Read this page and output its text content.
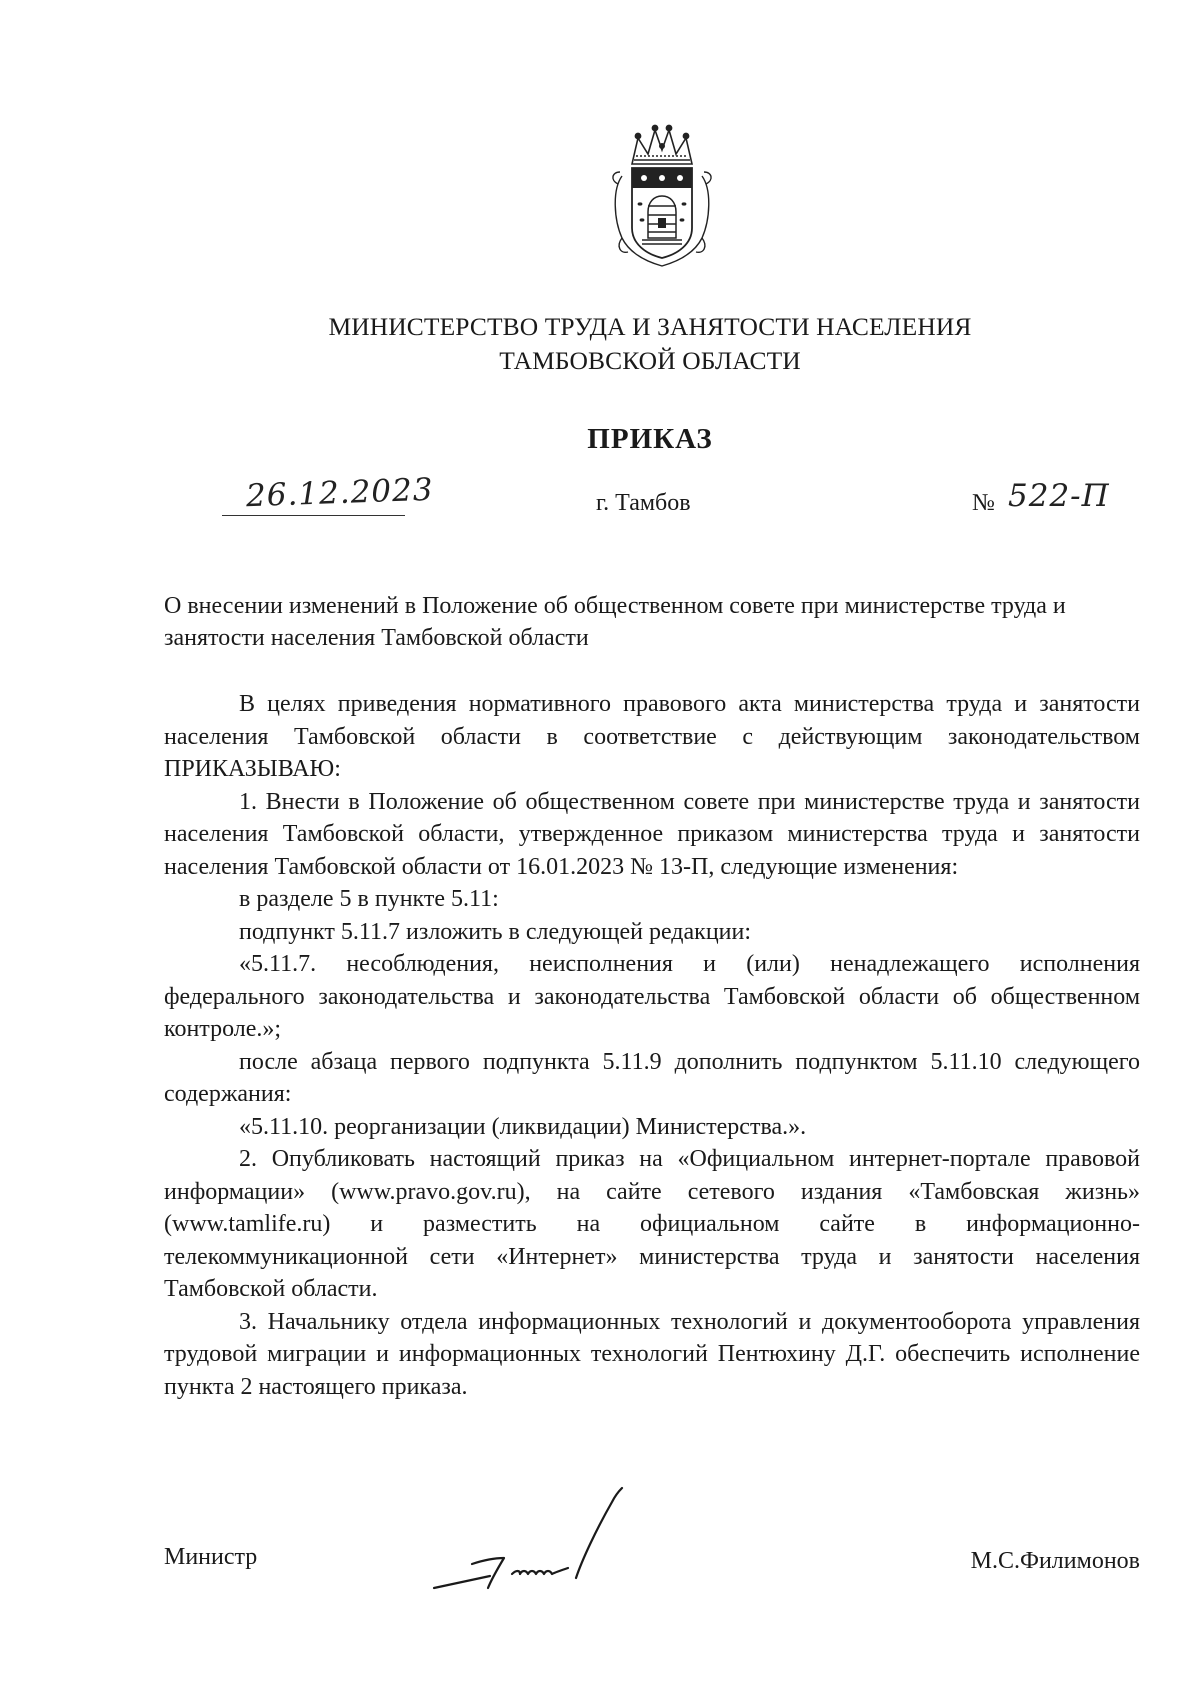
МИНИСТЕРСТВО ТРУДА И ЗАНЯТОСТИ НАСЕЛЕНИЯ
ТАМБОВСКОЙ ОБЛАСТИ
ПРИКАЗ
26.12.2023	г. Тамбов	№ 522-П
О внесении изменений в Положение об общественном совете при министерстве труда и занятости населения Тамбовской области

В целях приведения нормативного правового акта министерства труда и занятости населения Тамбовской области в соответствие с действующим законодательством ПРИКАЗЫВАЮ:

1. Внести в Положение об общественном совете при министерстве труда и занятости населения Тамбовской области, утвержденное приказом министерства труда и занятости населения Тамбовской области от 16.01.2023 № 13-П, следующие изменения:

в разделе 5 в пункте 5.11:

подпункт 5.11.7 изложить в следующей редакции:

«5.11.7. несоблюдения, неисполнения и (или) ненадлежащего исполнения федерального законодательства и законодательства Тамбовской области об общественном контроле.»;

после абзаца первого подпункта 5.11.9 дополнить подпунктом 5.11.10 следующего содержания:

«5.11.10. реорганизации (ликвидации) Министерства.».

2. Опубликовать настоящий приказ на «Официальном интернет-портале правовой информации» (www.pravo.gov.ru), на сайте сетевого издания «Тамбовская жизнь» (www.tamlife.ru) и разместить на официальном сайте в информационно-телекоммуникационной сети «Интернет» министерства труда и занятости населения Тамбовской области.

3. Начальнику отдела информационных технологий и документооборота управления трудовой миграции и информационных технологий Пентюхину Д.Г. обеспечить исполнение пункта 2 настоящего приказа.

Министр	М.С.Филимонов
